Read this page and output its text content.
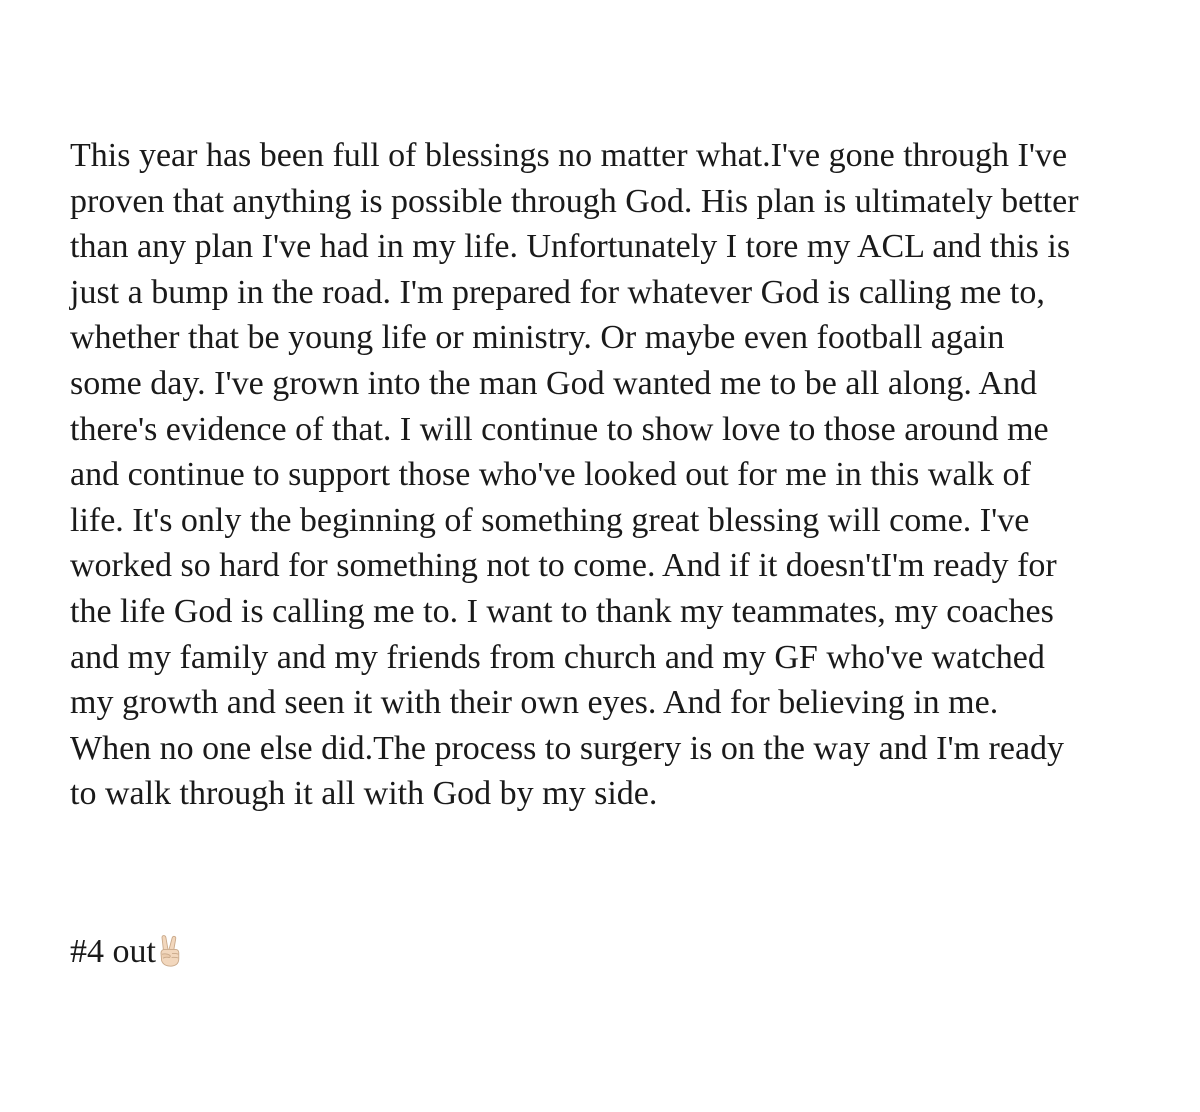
This year has been full of blessings no matter what.I've gone through I've
proven that anything is possible through God. His plan is ultimately better
than any plan I've had in my life. Unfortunately I tore my ACL and this is
just a bump in the road. I'm prepared for whatever God is calling me to,
whether that be young life or ministry. Or maybe even football again
some day. I've grown into the man God wanted me to be all along. And
there's evidence of that. I will continue to show love to those around me
and continue to support those who've looked out for me in this walk of
life. It's only the beginning of something great blessing will come. I've
worked so hard for something not to come. And if it doesn'tI'm ready for
the life God is calling me to. I want to thank my teammates, my coaches
and my family and my friends from church and my GF who've watched
my growth and seen it with their own eyes. And for believing in me.
When no one else did.The process to surgery is on the way and I'm ready
to walk through it all with God by my side.
#4 out
